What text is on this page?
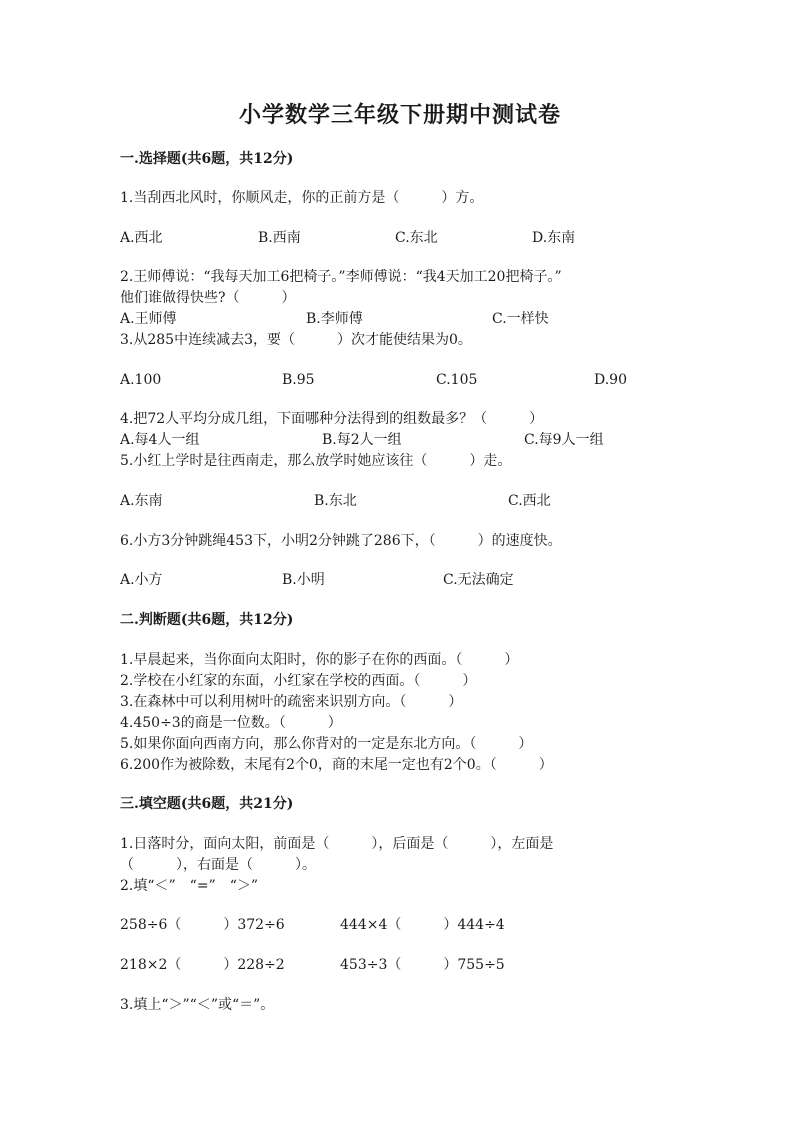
小学数学三年级下册期中测试卷
一.选择题(共6题，共12分)
1.当刮西北风时，你顺风走，你的正前方是（　　　）方。
A.西北	B.西南	C.东北	D.东南
2.王师傅说：“我每天加工6把椅子。”李师傅说：“我4天加工20把椅子。”
他们谁做得快些?（　　　）
A.王师傅	B.李师傅	C.一样快
3.从285中连续减去3，要（　　　）次才能使结果为0。
A.100	B.95	C.105	D.90
4.把72人平均分成几组，下面哪种分法得到的组数最多？（　　　）
A.每4人一组	B.每2人一组	C.每9人一组
5.小红上学时是往西南走，那么放学时她应该往（　　　）走。
A.东南	B.东北	C.西北
6.小方3分钟跳绳453下，小明2分钟跳了286下，（　　　）的速度快。
A.小方	B.小明	C.无法确定
二.判断题(共6题，共12分)
1.早晨起来，当你面向太阳时，你的影子在你的西面。（　　　）
2.学校在小红家的东面，小红家在学校的西面。（　　　）
3.在森林中可以利用树叶的疏密来识别方向。（　　　）
4.450÷3的商是一位数。（　　　）
5.如果你面向西南方向，那么你背对的一定是东北方向。（　　　）
6.200作为被除数，末尾有2个0，商的末尾一定也有2个0。（　　　）
三.填空题(共6题，共21分)
1.日落时分，面向太阳，前面是（　　　），后面是（　　　），左面是
（　　　），右面是（　　　）。
2.填“＜”　“=”　“＞”
258÷6（　　　）372÷6	444×4（　　　）444÷4
218×2（　　　）228÷2	453÷3（　　　）755÷5
3.填上“＞”“＜”或“＝”。
